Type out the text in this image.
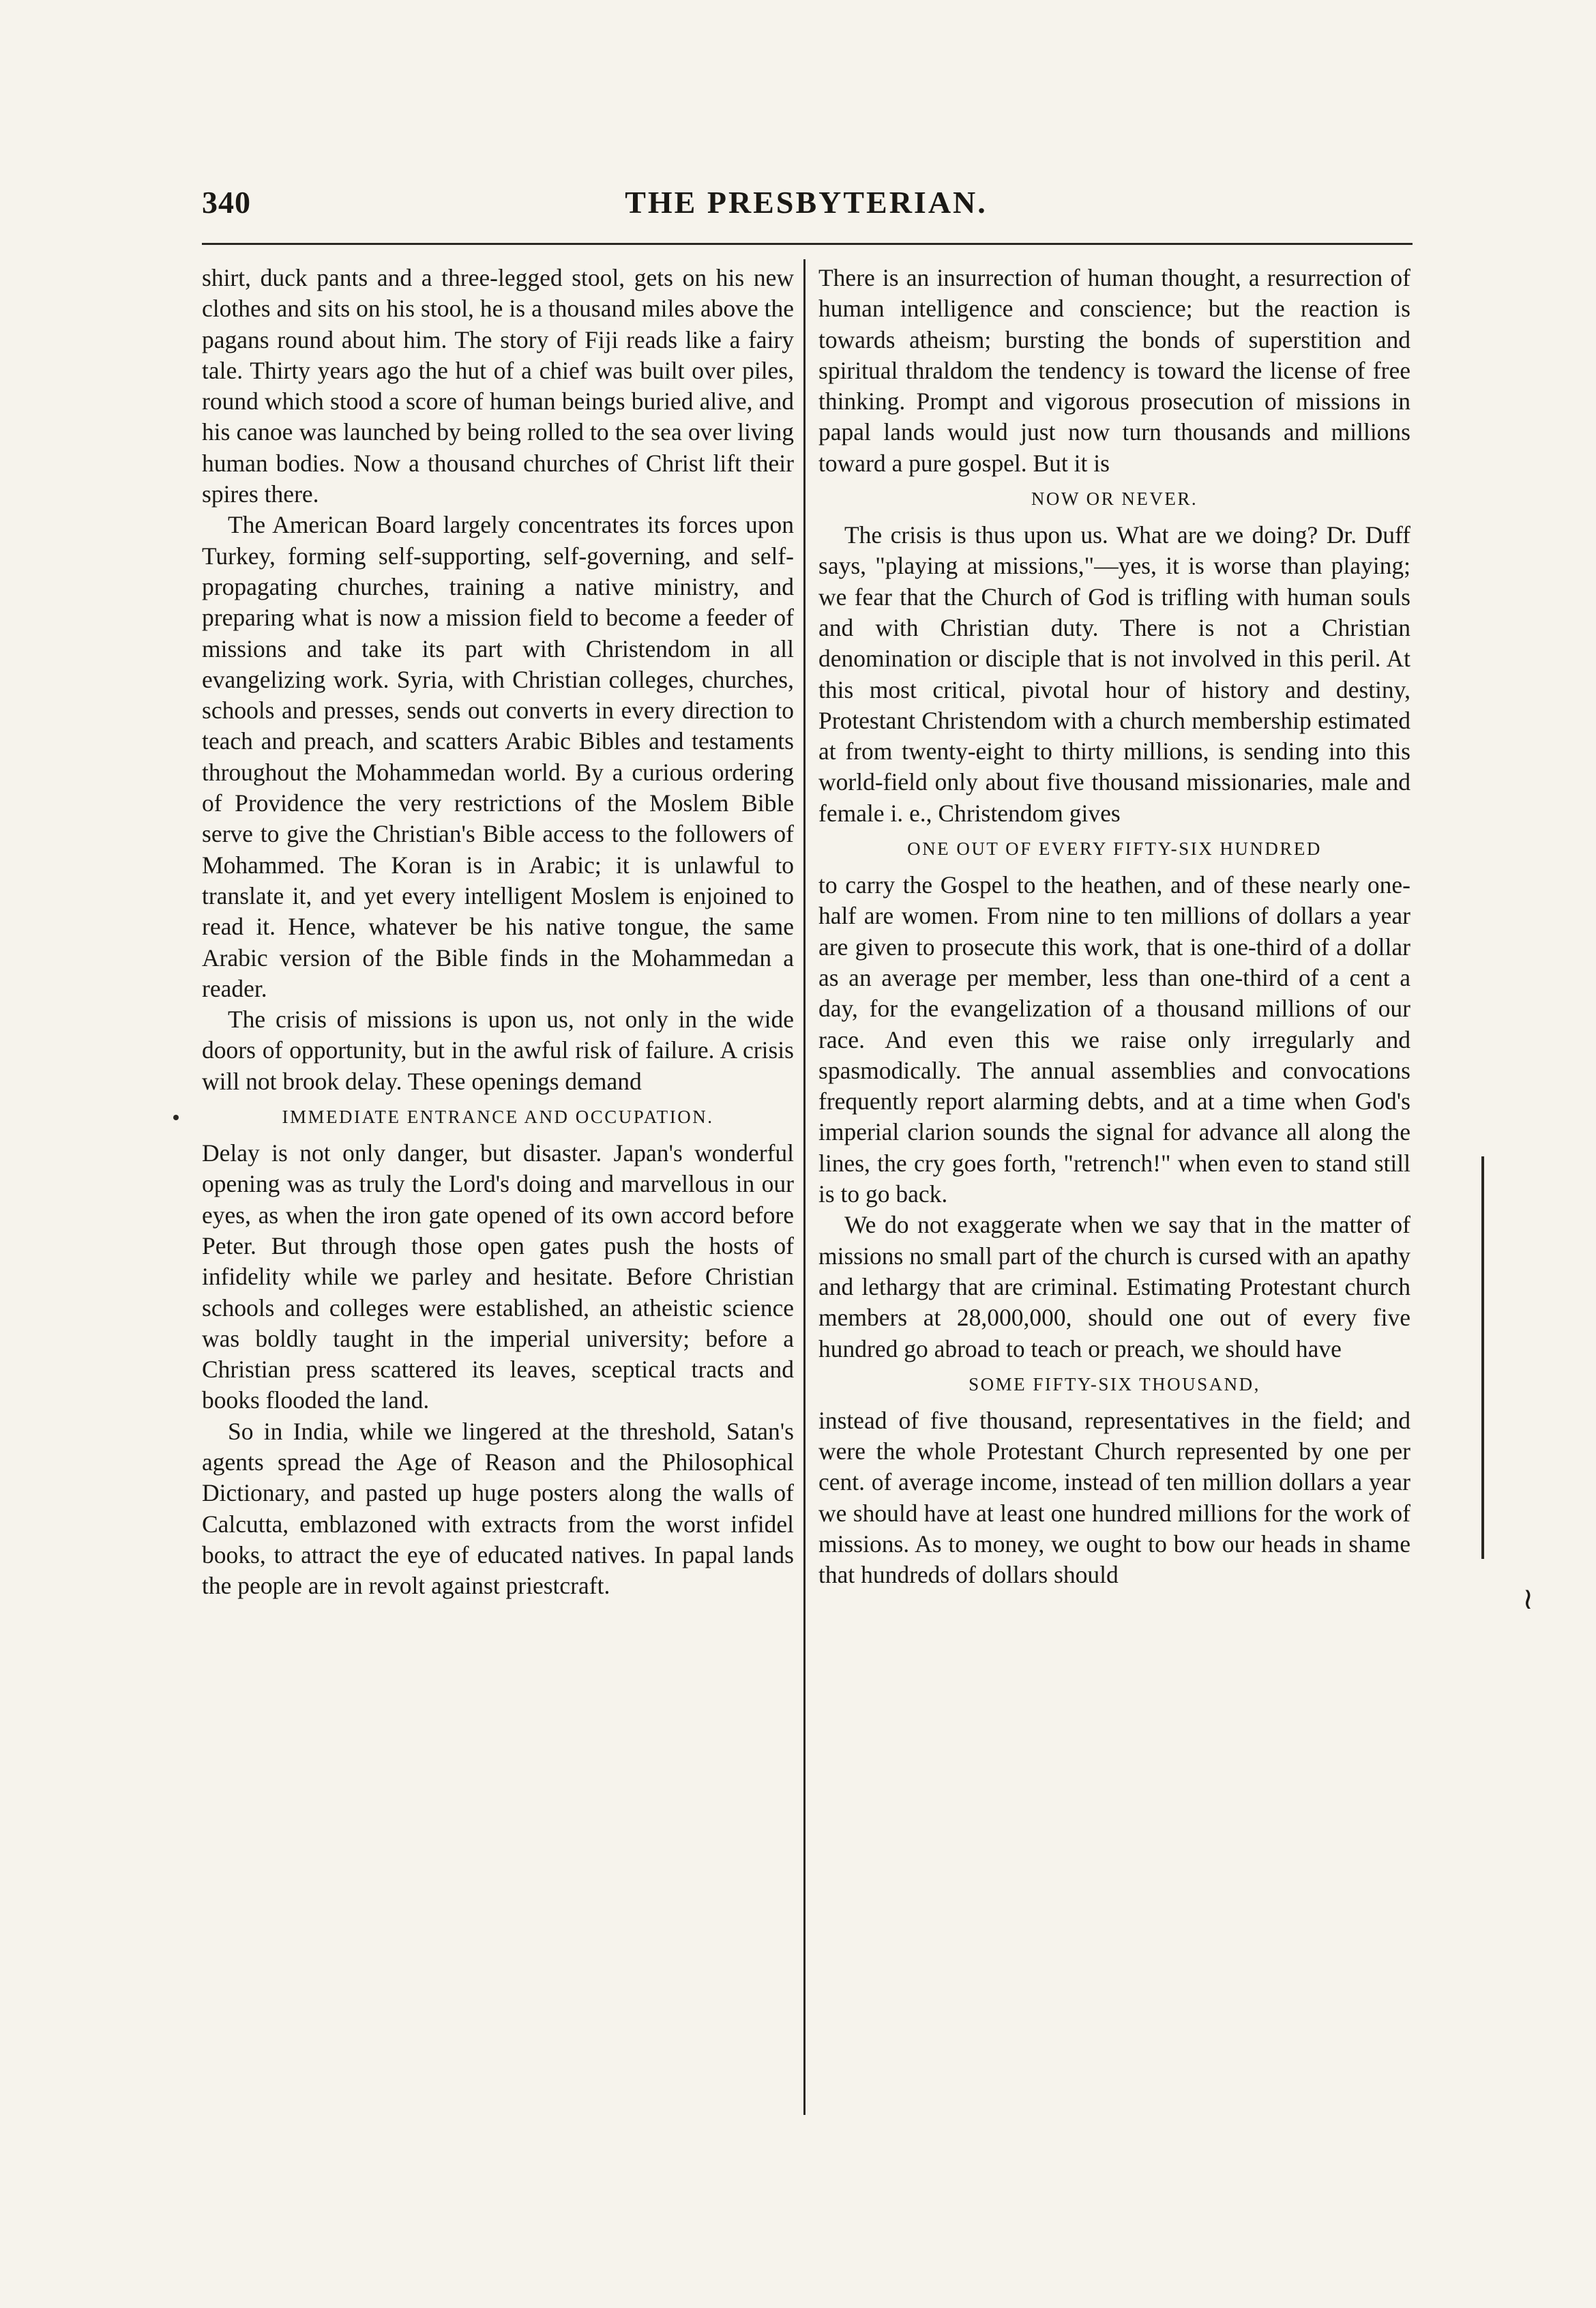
340	THE PRESBYTERIAN.

shirt, duck pants and a three-legged stool, gets on his new clothes and sits on his stool, he is a thousand miles above the pagans round about him. The story of Fiji reads like a fairy tale. Thirty years ago the hut of a chief was built over piles, round which stood a score of human beings buried alive, and his canoe was launched by being rolled to the sea over living human bodies. Now a thousand churches of Christ lift their spires there.

The American Board largely concentrates its forces upon Turkey, forming self-supporting, self-governing, and self-propagating churches, training a native ministry, and preparing what is now a mission field to become a feeder of missions and take its part with Christendom in all evangelizing work. Syria, with Christian colleges, churches, schools and presses, sends out converts in every direction to teach and preach, and scatters Arabic Bibles and testaments throughout the Mohammedan world. By a curious ordering of Providence the very restrictions of the Moslem Bible serve to give the Christian's Bible access to the followers of Mohammed. The Koran is in Arabic; it is unlawful to translate it, and yet every intelligent Moslem is enjoined to read it. Hence, whatever be his native tongue, the same Arabic version of the Bible finds in the Mohammedan a reader.

The crisis of missions is upon us, not only in the wide doors of opportunity, but in the awful risk of failure. A crisis will not brook delay. These openings demand

IMMEDIATE ENTRANCE AND OCCUPATION.

Delay is not only danger, but disaster. Japan's wonderful opening was as truly the Lord's doing and marvellous in our eyes, as when the iron gate opened of its own accord before Peter. But through those open gates push the hosts of infidelity while we parley and hesitate. Before Christian schools and colleges were established, an atheistic science was boldly taught in the imperial university; before a Christian press scattered its leaves, sceptical tracts and books flooded the land.

So in India, while we lingered at the threshold, Satan's agents spread the Age of Reason and the Philosophical Dictionary, and pasted up huge posters along the walls of Calcutta, emblazoned with extracts from the worst infidel books, to attract the eye of educated natives. In papal lands the people are in revolt against priestcraft.

There is an insurrection of human thought, a resurrection of human intelligence and conscience; but the reaction is towards atheism; bursting the bonds of superstition and spiritual thraldom the tendency is toward the license of free thinking. Prompt and vigorous prosecution of missions in papal lands would just now turn thousands and millions toward a pure gospel. But it is

NOW OR NEVER.

The crisis is thus upon us. What are we doing? Dr. Duff says, "playing at missions,"—yes, it is worse than playing; we fear that the Church of God is trifling with human souls and with Christian duty. There is not a Christian denomination or disciple that is not involved in this peril. At this most critical, pivotal hour of history and destiny, Protestant Christendom with a church membership estimated at from twenty-eight to thirty millions, is sending into this world-field only about five thousand missionaries, male and female i. e., Christendom gives

ONE OUT OF EVERY FIFTY-SIX HUNDRED

to carry the Gospel to the heathen, and of these nearly one-half are women. From nine to ten millions of dollars a year are given to prosecute this work, that is one-third of a dollar as an average per member, less than one-third of a cent a day, for the evangelization of a thousand millions of our race. And even this we raise only irregularly and spasmodically. The annual assemblies and convocations frequently report alarming debts, and at a time when God's imperial clarion sounds the signal for advance all along the lines, the cry goes forth, "retrench!" when even to stand still is to go back.

We do not exaggerate when we say that in the matter of missions no small part of the church is cursed with an apathy and lethargy that are criminal. Estimating Protestant church members at 28,000,000, should one out of every five hundred go abroad to teach or preach, we should have

SOME FIFTY-SIX THOUSAND,

instead of five thousand, representatives in the field; and were the whole Protestant Church represented by one per cent. of average income, instead of ten million dollars a year we should have at least one hundred millions for the work of missions. As to money, we ought to bow our heads in shame that hundreds of dollars should

≀
